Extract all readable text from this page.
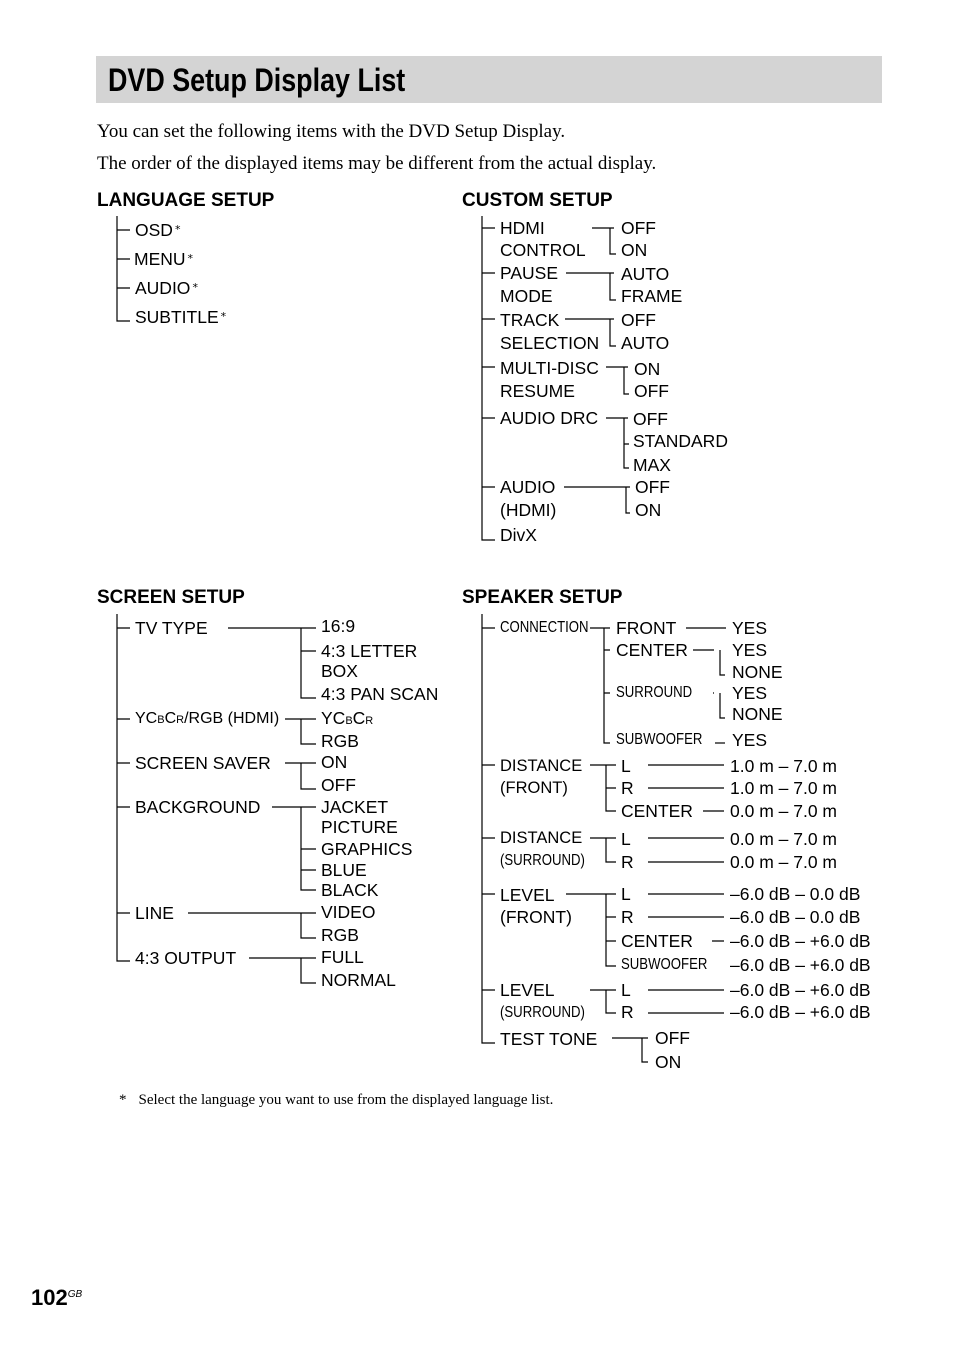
DVD Setup Display List
You can set the following items with the DVD Setup Display.
The order of the displayed items may be different from the actual display.
LANGUAGE SETUP
OSD *
MENU *
AUDIO *
SUBTITLE *
CUSTOM SETUP
HDMI
CONTROL
OFF
ON
PAUSE
MODE
AUTO
FRAME
TRACK
SELECTION
OFF
AUTO
MULTI-DISC
RESUME
ON
OFF
AUDIO DRC OFF
STANDARD
MAX
AUDIO
(HDMI)
OFF
ON
DivX
SCREEN SETUP
TV TYPE	16:9
4:3 LETTER
BOX
4:3 PAN SCAN
YCBCR/RGB (HDMI) YCBCR
RGB
SCREEN SAVER	ON
OFF
BACKGROUND	JACKET
PICTURE
GRAPHICS
BLUE
BLACK
LINE	VIDEO
RGB
4:3 OUTPUT	FULL
NORMAL
SPEAKER SETUP
CONNECTION FRONT	YES
CENTER	YES
NONE
SURROUND YES
NONE
SUBWOOFER YES
DISTANCE
(FRONT)
L	1.0 m – 7.0 m
R	1.0 m – 7.0 m
CENTER 0.0 m – 7.0 m
DISTANCE
(SURROUND)
L	0.0 m – 7.0 m
R	0.0 m – 7.0 m
LEVEL
(FRONT)
L	–6.0 dB – 0.0 dB
R	–6.0 dB – 0.0 dB
CENTER –6.0 dB – +6.0 dB
SUBWOOFER –6.0 dB – +6.0 dB
LEVEL
(SURROUND)
L	–6.0 dB – +6.0 dB
R	–6.0 dB – +6.0 dB
TEST TONE	OFF
ON
* Select the language you want to use from the displayed language list.
$102^{GB}$
